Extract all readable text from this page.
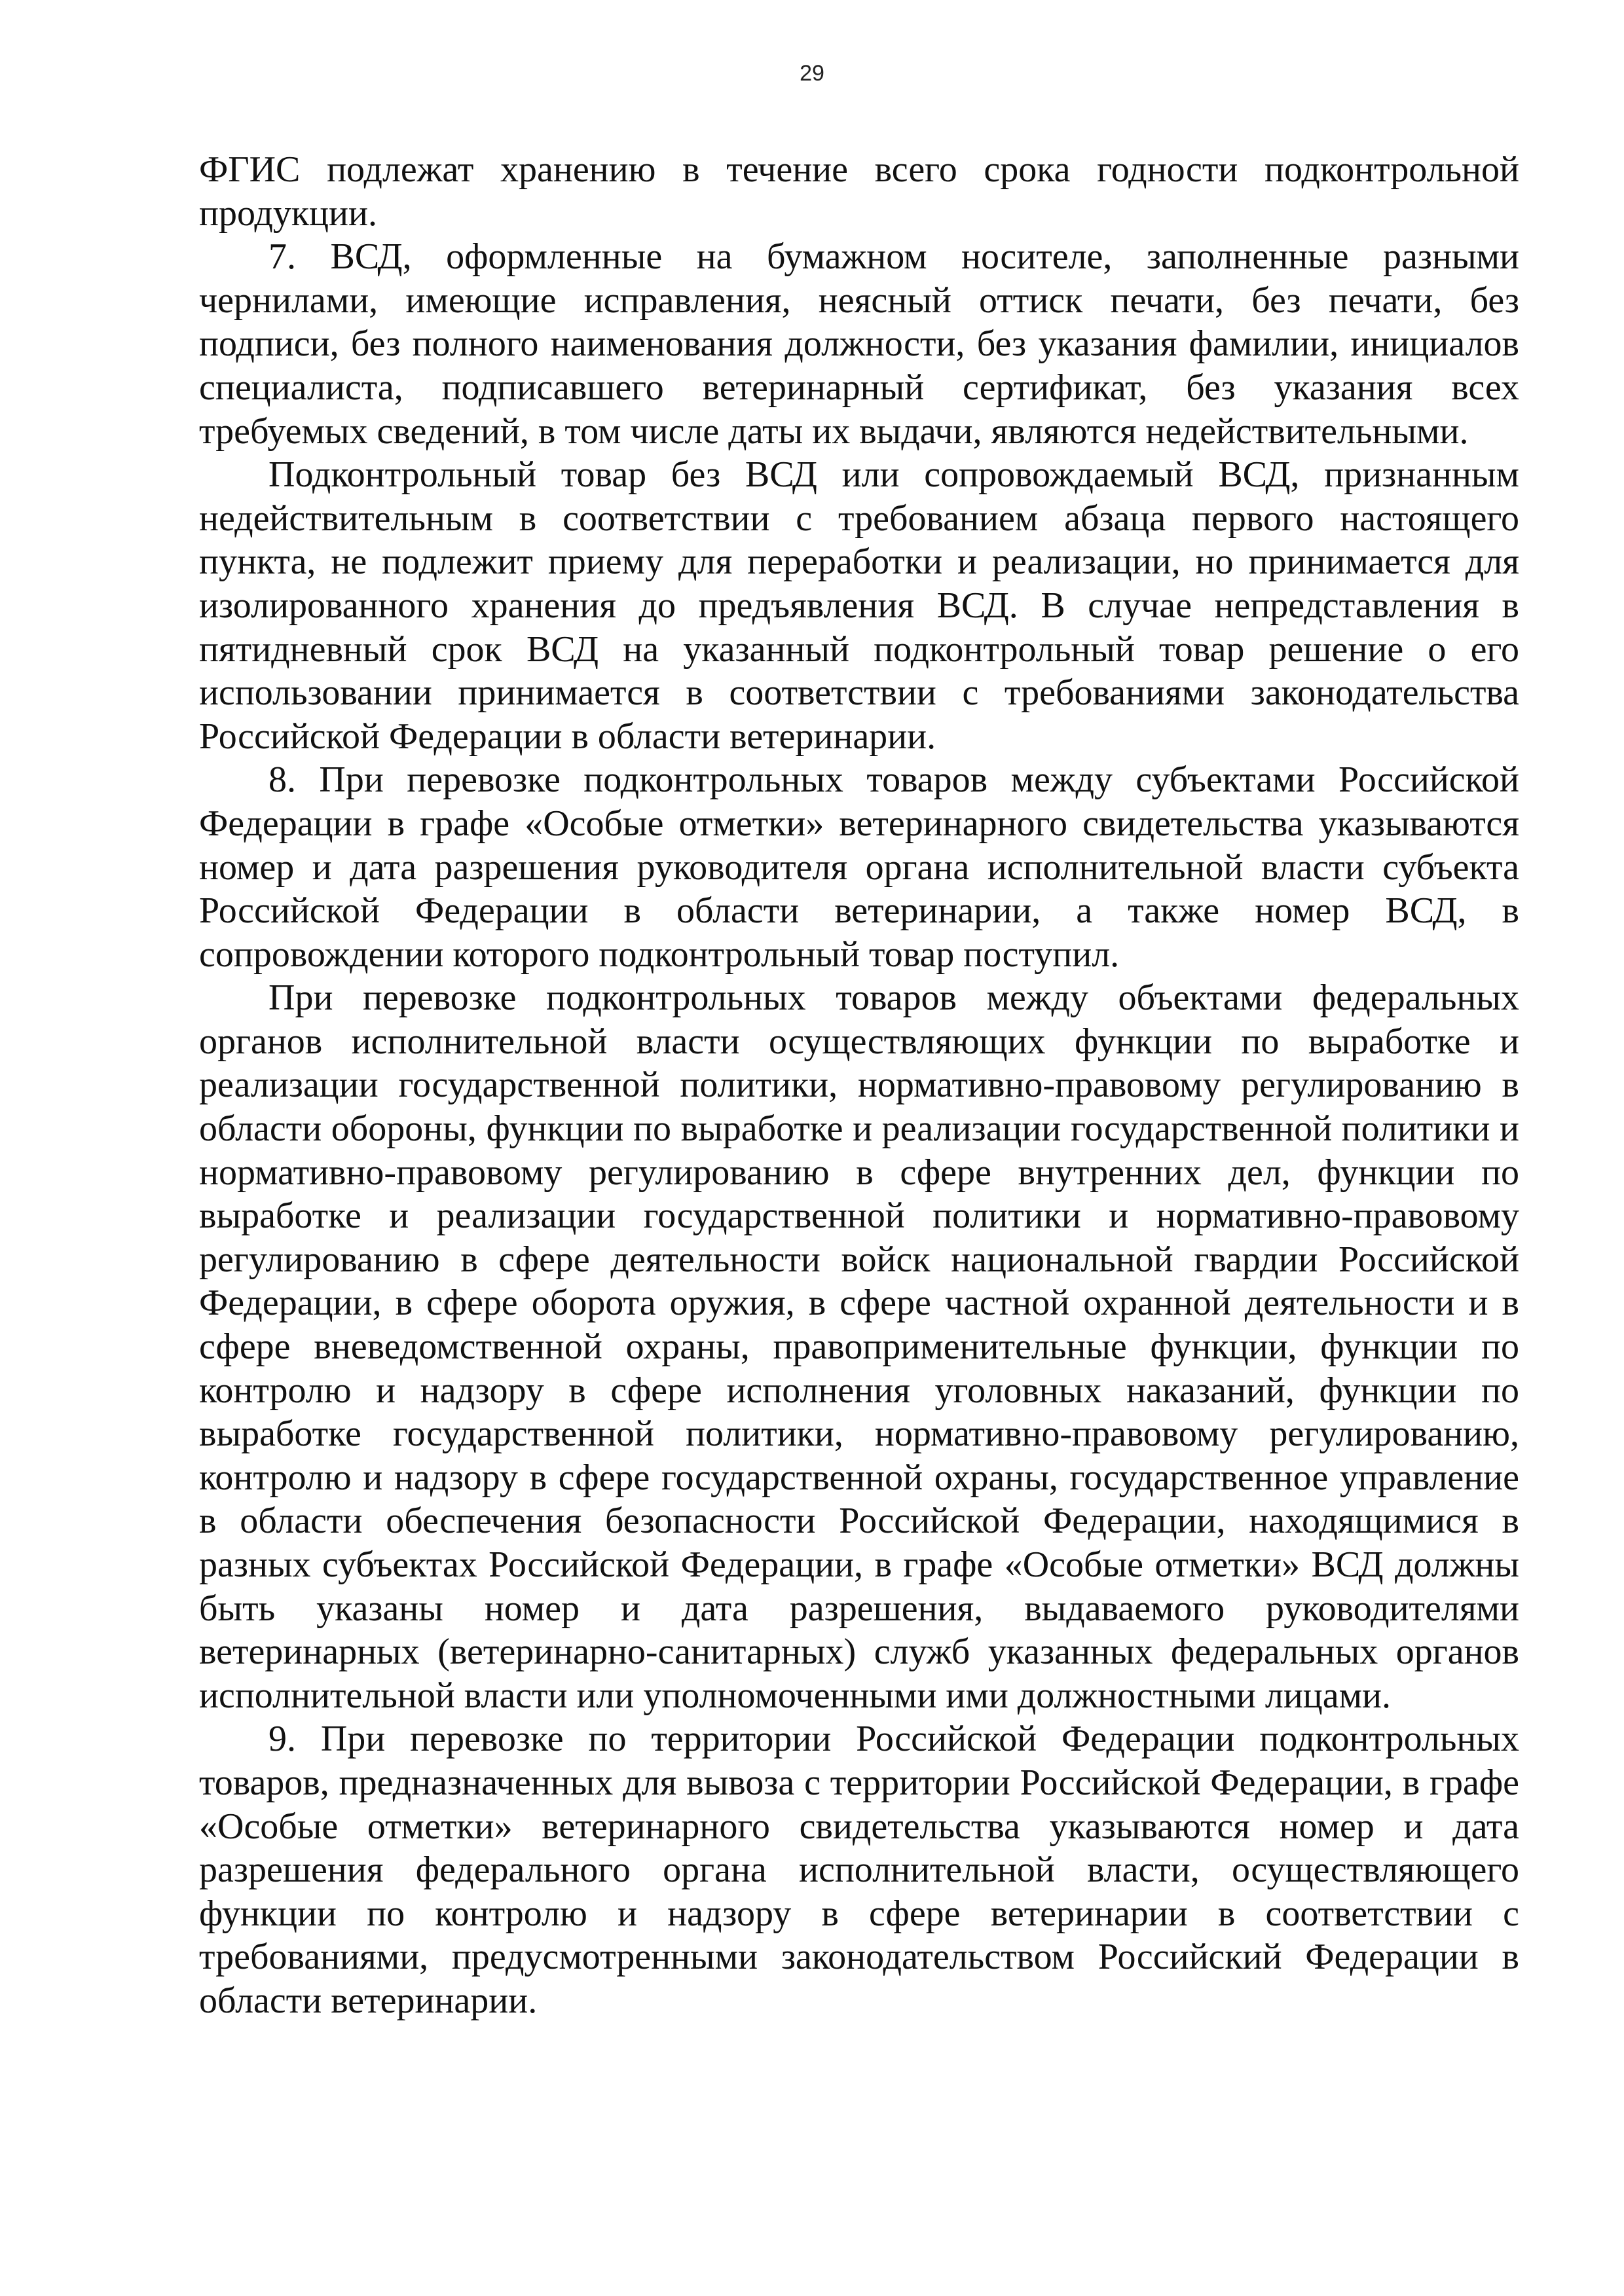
29

ФГИС подлежат хранению в течение всего срока годности подконтрольной продукции.

7. ВСД, оформленные на бумажном носителе, заполненные разными чернилами, имеющие исправления, неясный оттиск печати, без печати, без подписи, без полного наименования должности, без указания фамилии, инициалов специалиста, подписавшего ветеринарный сертификат, без указания всех требуемых сведений, в том числе даты их выдачи, являются недействительными.

Подконтрольный товар без ВСД или сопровождаемый ВСД, признанным недействительным в соответствии с требованием абзаца первого настоящего пункта, не подлежит приему для переработки и реализации, но принимается для изолированного хранения до предъявления ВСД. В случае непредставления в пятидневный срок ВСД на указанный подконтрольный товар решение о его использовании принимается в соответствии с требованиями законодательства Российской Федерации в области ветеринарии.

8. При перевозке подконтрольных товаров между субъектами Российской Федерации в графе «Особые отметки» ветеринарного свидетельства указываются номер и дата разрешения руководителя органа исполнительной власти субъекта Российской Федерации в области ветеринарии, а также номер ВСД, в сопровождении которого подконтрольный товар поступил.

При перевозке подконтрольных товаров между объектами федеральных органов исполнительной власти осуществляющих функции по выработке и реализации государственной политики, нормативно-правовому регулированию в области обороны, функции по выработке и реализации государственной политики и нормативно-правовому регулированию в сфере внутренних дел, функции по выработке и реализации государственной политики и нормативно-правовому регулированию в сфере деятельности войск национальной гвардии Российской Федерации, в сфере оборота оружия, в сфере частной охранной деятельности и в сфере вневедомственной охраны, правоприменительные функции, функции по контролю и надзору в сфере исполнения уголовных наказаний, функции по выработке государственной политики, нормативно-правовому регулированию, контролю и надзору в сфере государственной охраны, государственное управление в области обеспечения безопасности Российской Федерации, находящимися в разных субъектах Российской Федерации, в графе «Особые отметки» ВСД должны быть указаны номер и дата разрешения, выдаваемого руководителями ветеринарных (ветеринарно-санитарных) служб указанных федеральных органов исполнительной власти или уполномоченными ими должностными лицами.

9. При перевозке по территории Российской Федерации подконтрольных товаров, предназначенных для вывоза с территории Российской Федерации, в графе «Особые отметки» ветеринарного свидетельства указываются номер и дата разрешения федерального органа исполнительной власти, осуществляющего функции по контролю и надзору в сфере ветеринарии в соответствии с требованиями, предусмотренными законодательством Российский Федерации в области ветеринарии.
